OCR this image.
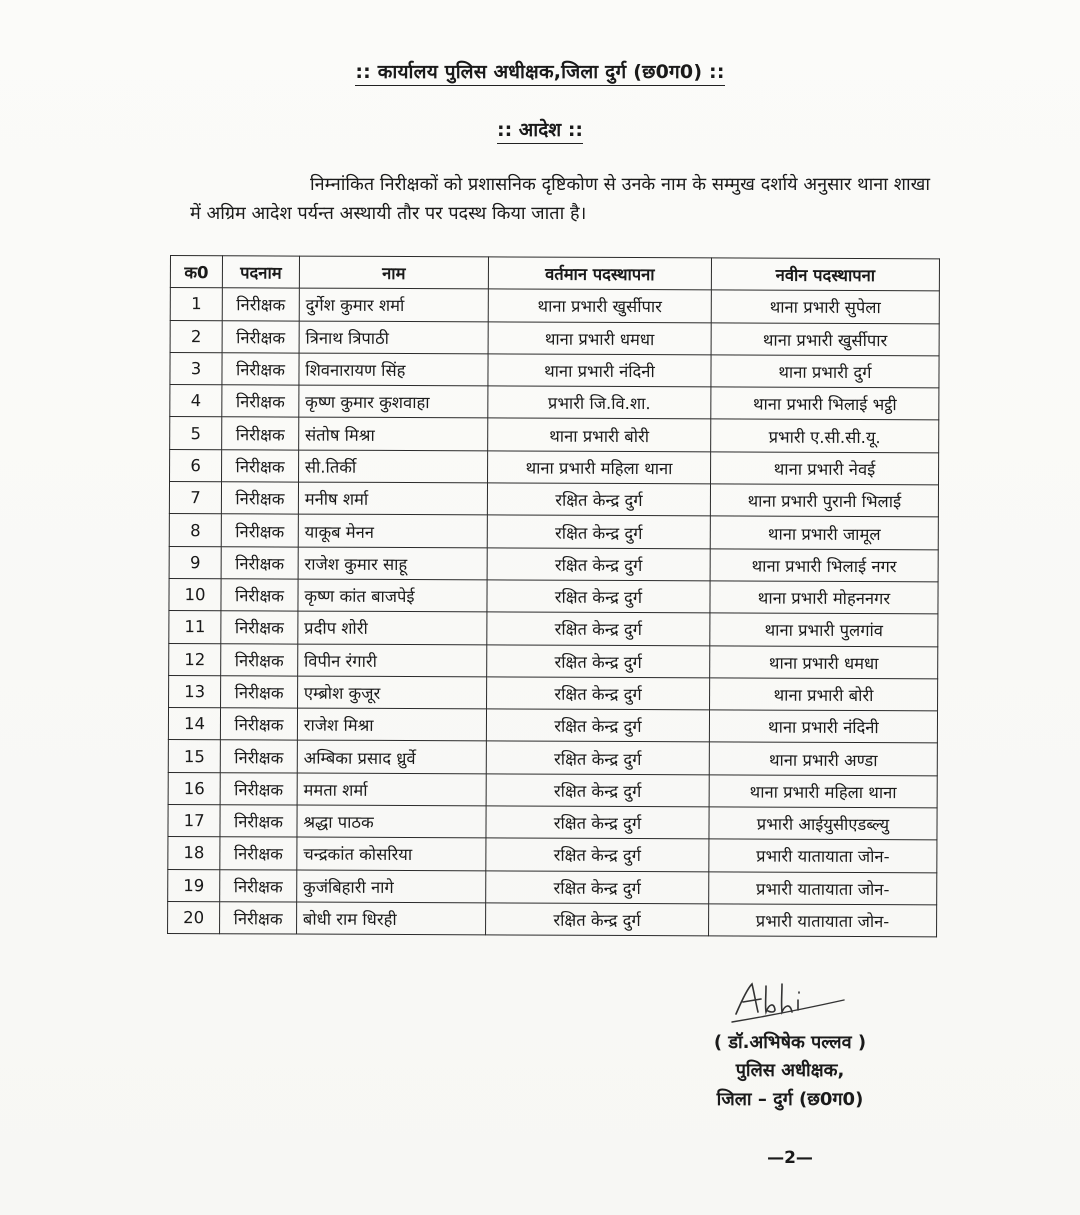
:: कार्यालय पुलिस अधीक्षक,जिला दुर्ग (छ0ग0) ::
:: आदेश ::
निम्नांकित निरीक्षकों को प्रशासनिक दृष्टिकोण से उनके नाम के सम्मुख दर्शाये अनुसार थाना शाखा में अग्रिम आदेश पर्यन्त अस्थायी तौर पर पदस्थ किया जाता है।
क0	पदनाम	नाम	वर्तमान पदस्थापना	नवीन पदस्थापना
1	निरीक्षक	दुर्गेश कुमार शर्मा	थाना प्रभारी खुर्सीपार	थाना प्रभारी सुपेला
2	निरीक्षक	त्रिनाथ त्रिपाठी	थाना प्रभारी धमधा	थाना प्रभारी खुर्सीपार
3	निरीक्षक	शिवनारायण सिंह	थाना प्रभारी नंदिनी	थाना प्रभारी दुर्ग
4	निरीक्षक	कृष्ण कुमार कुशवाहा	प्रभारी जि.वि.शा.	थाना प्रभारी भिलाई भट्ठी
5	निरीक्षक	संतोष मिश्रा	थाना प्रभारी बोरी	प्रभारी ए.सी.सी.यू.
6	निरीक्षक	सी.तिर्की	थाना प्रभारी महिला थाना	थाना प्रभारी नेवई
7	निरीक्षक	मनीष शर्मा	रक्षित केन्द्र दुर्ग	थाना प्रभारी पुरानी भिलाई
8	निरीक्षक	याकूब मेनन	रक्षित केन्द्र दुर्ग	थाना प्रभारी जामूल
9	निरीक्षक	राजेश कुमार साहू	रक्षित केन्द्र दुर्ग	थाना प्रभारी भिलाई नगर
10	निरीक्षक	कृष्ण कांत बाजपेई	रक्षित केन्द्र दुर्ग	थाना प्रभारी मोहननगर
11	निरीक्षक	प्रदीप शोरी	रक्षित केन्द्र दुर्ग	थाना प्रभारी पुलगांव
12	निरीक्षक	विपीन रंगारी	रक्षित केन्द्र दुर्ग	थाना प्रभारी धमधा
13	निरीक्षक	एम्ब्रोश कुजूर	रक्षित केन्द्र दुर्ग	थाना प्रभारी बोरी
14	निरीक्षक	राजेश मिश्रा	रक्षित केन्द्र दुर्ग	थाना प्रभारी नंदिनी
15	निरीक्षक	अम्बिका प्रसाद ध्रुर्वे	रक्षित केन्द्र दुर्ग	थाना प्रभारी अण्डा
16	निरीक्षक	ममता शर्मा	रक्षित केन्द्र दुर्ग	थाना प्रभारी महिला थाना
17	निरीक्षक	श्रद्धा पाठक	रक्षित केन्द्र दुर्ग	प्रभारी आईयुसीएडब्ल्यु
18	निरीक्षक	चन्द्रकांत कोसरिया	रक्षित केन्द्र दुर्ग	प्रभारी यातायाता जोन-
19	निरीक्षक	कुजंबिहारी नागे	रक्षित केन्द्र दुर्ग	प्रभारी यातायाता जोन-
20	निरीक्षक	बोधी राम धिरही	रक्षित केन्द्र दुर्ग	प्रभारी यातायाता जोन-
( डॉ.अभिषेक पल्लव )
पुलिस अधीक्षक,
जिला – दुर्ग (छ0ग0)
—2—
